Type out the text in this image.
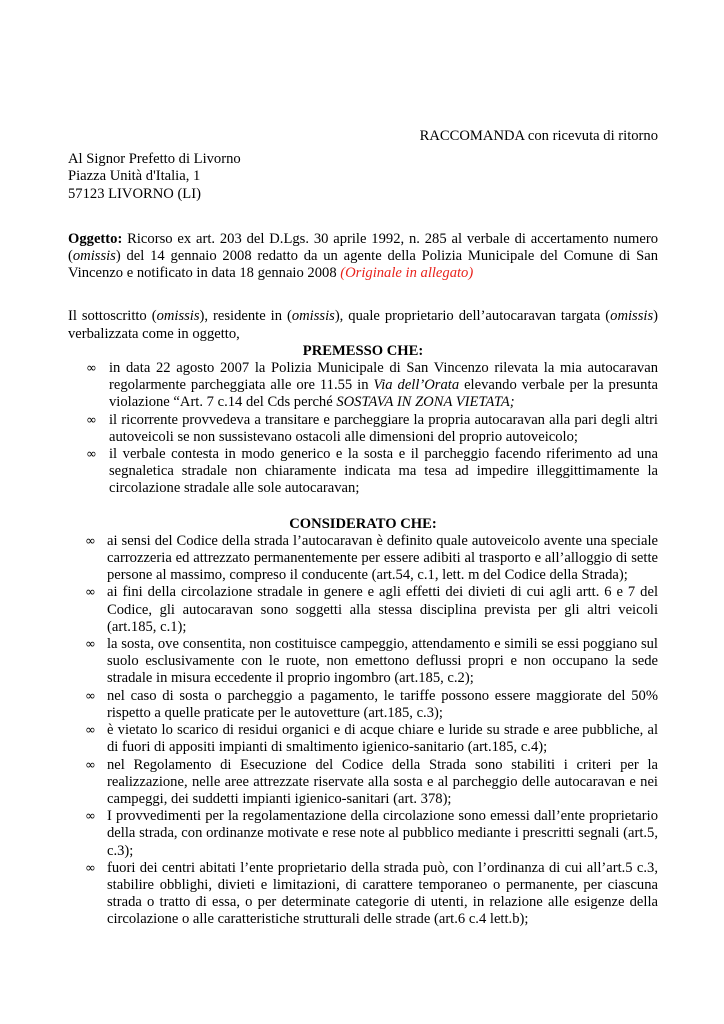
RACCOMANDA con ricevuta di ritorno
Al Signor Prefetto di Livorno
Piazza Unità d'Italia, 1
57123 LIVORNO (LI)
Oggetto: Ricorso ex art. 203 del D.Lgs. 30 aprile 1992, n. 285 al verbale di accertamento numero (omissis) del 14 gennaio 2008 redatto da un agente della Polizia Municipale del Comune di San Vincenzo e notificato in data 18 gennaio 2008 (Originale in allegato)
Il sottoscritto (omissis), residente in (omissis), quale proprietario dell’autocaravan targata (omissis) verbalizzata come in oggetto,
PREMESSO CHE:
∞ in data 22 agosto 2007 la Polizia Municipale di San Vincenzo rilevata la mia autocaravan regolarmente parcheggiata alle ore 11.55 in Via dell’Orata elevando verbale per la presunta violazione “Art. 7 c.14 del Cds perché SOSTAVA IN ZONA VIETATA;
∞ il ricorrente provvedeva a transitare e parcheggiare la propria autocaravan alla pari degli altri autoveicoli se non sussistevano ostacoli alle dimensioni del proprio autoveicolo;
∞ il verbale contesta in modo generico e la sosta e il parcheggio facendo riferimento ad una segnaletica stradale non chiaramente indicata ma tesa ad impedire illeggittimamente la circolazione stradale alle sole autocaravan;
CONSIDERATO CHE:
∞ ai sensi del Codice della strada l’autocaravan è definito quale autoveicolo avente una speciale carrozzeria ed attrezzato permanentemente per essere adibiti al trasporto e all’alloggio di sette persone al massimo, compreso il conducente (art.54, c.1, lett. m del Codice della Strada);
∞ ai fini della circolazione stradale in genere e agli effetti dei divieti di cui agli artt. 6 e 7 del Codice, gli autocaravan sono soggetti alla stessa disciplina prevista per gli altri veicoli (art.185, c.1);
∞ la sosta, ove consentita, non costituisce campeggio, attendamento e simili se essi poggiano sul suolo esclusivamente con le ruote, non emettono deflussi propri e non occupano la sede stradale in misura eccedente il proprio ingombro (art.185, c.2);
∞ nel caso di sosta o parcheggio a pagamento, le tariffe possono essere maggiorate del 50% rispetto a quelle praticate per le autovetture (art.185, c.3);
∞ è vietato lo scarico di residui organici e di acque chiare e luride su strade e aree pubbliche, al di fuori di appositi impianti di smaltimento igienico-sanitario (art.185, c.4);
∞ nel Regolamento di Esecuzione del Codice della Strada sono stabiliti i criteri per la realizzazione, nelle aree attrezzate riservate alla sosta e al parcheggio delle autocaravan e nei campeggi, dei suddetti impianti igienico-sanitari (art. 378);
∞ I provvedimenti per la regolamentazione della circolazione sono emessi dall’ente proprietario della strada, con ordinanze motivate e rese note al pubblico mediante i prescritti segnali (art.5, c.3);
∞ fuori dei centri abitati l’ente proprietario della strada può, con l’ordinanza di cui all’art.5 c.3, stabilire obblighi, divieti e limitazioni, di carattere temporaneo o permanente, per ciascuna strada o tratto di essa, o per determinate categorie di utenti, in relazione alle esigenze della circolazione o alle caratteristiche strutturali delle strade (art.6 c.4 lett.b);
